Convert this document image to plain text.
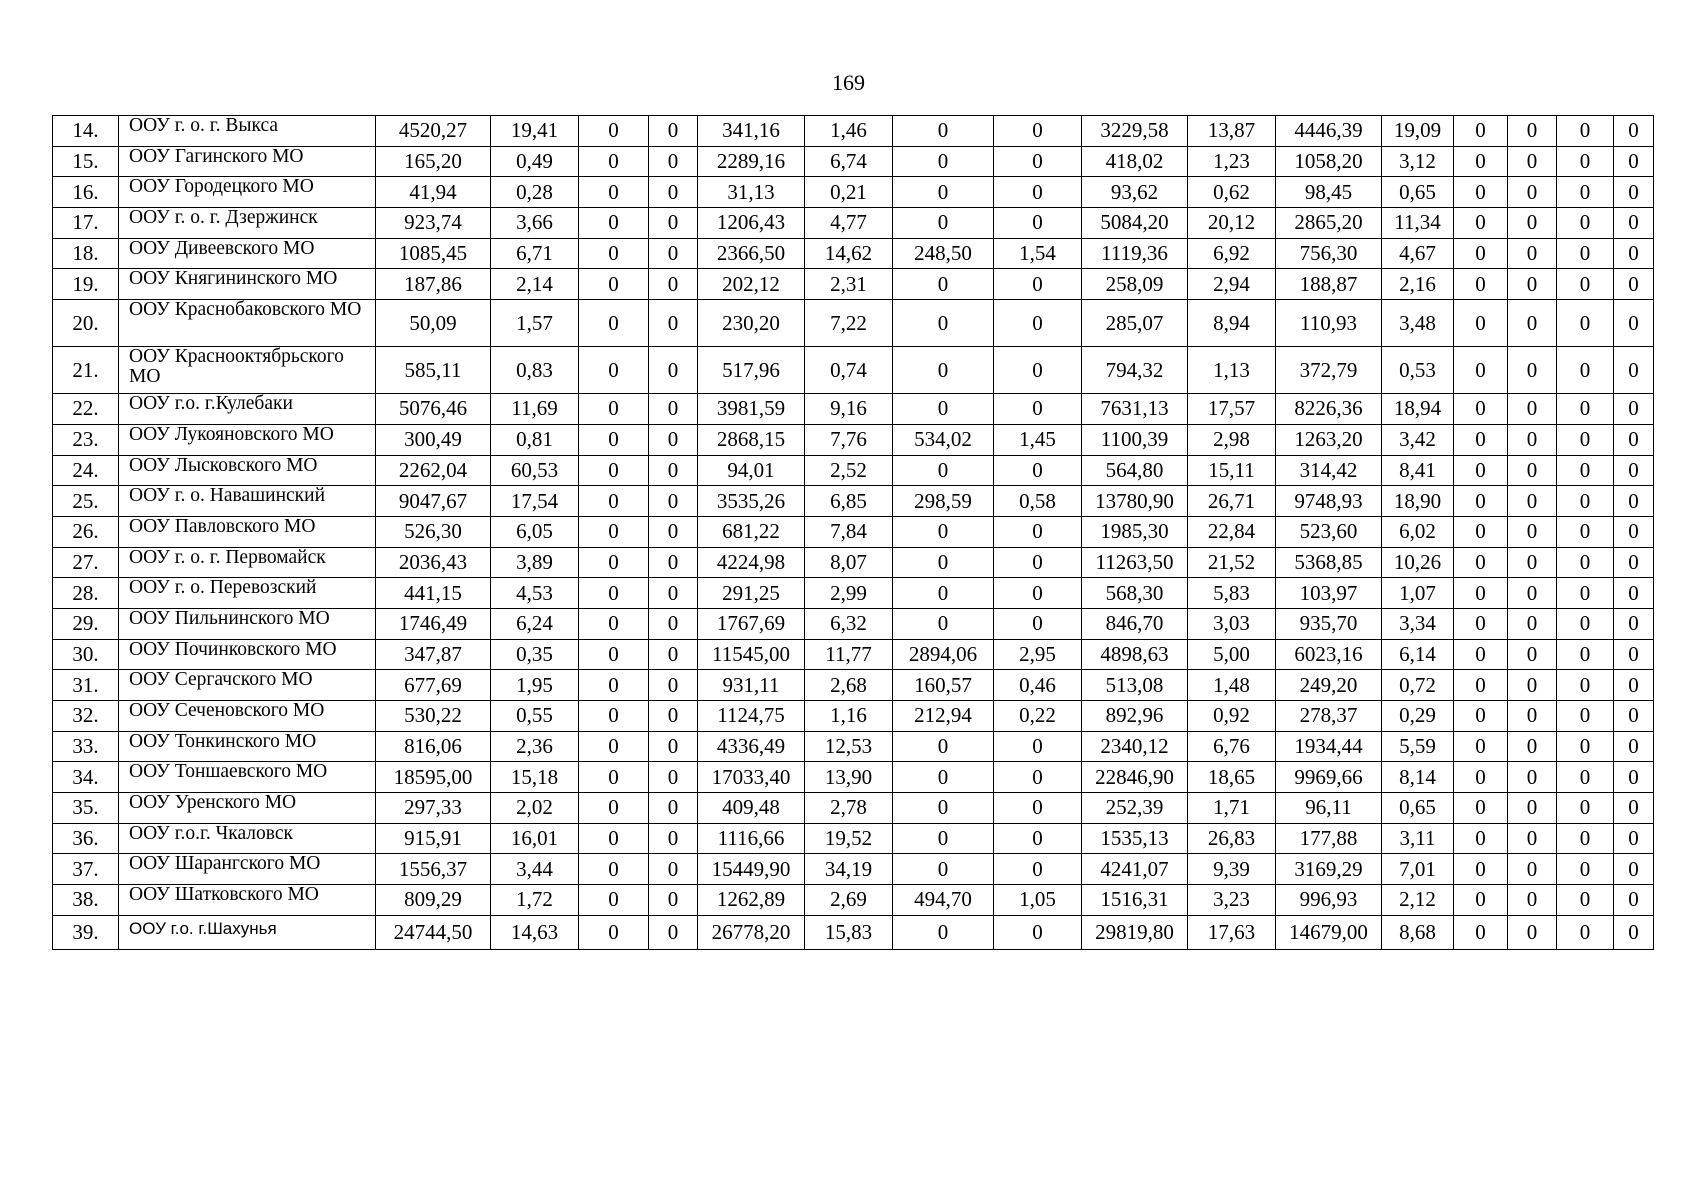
169
14.	ООУ г. о. г. Выкса	4520,27	19,41	0	0	341,16	1,46	0	0	3229,58	13,87	4446,39	19,09	0	0	0	0
15.	ООУ Гагинского МО	165,20	0,49	0	0	2289,16	6,74	0	0	418,02	1,23	1058,20	3,12	0	0	0	0
16.	ООУ Городецкого МО	41,94	0,28	0	0	31,13	0,21	0	0	93,62	0,62	98,45	0,65	0	0	0	0
17.	ООУ г. о. г. Дзержинск	923,74	3,66	0	0	1206,43	4,77	0	0	5084,20	20,12	2865,20	11,34	0	0	0	0
18.	ООУ Дивеевского МО	1085,45	6,71	0	0	2366,50	14,62	248,50	1,54	1119,36	6,92	756,30	4,67	0	0	0	0
19.	ООУ Княгининского МО	187,86	2,14	0	0	202,12	2,31	0	0	258,09	2,94	188,87	2,16	0	0	0	0
20.	ООУ Краснобаковского МО	50,09	1,57	0	0	230,20	7,22	0	0	285,07	8,94	110,93	3,48	0	0	0	0
21.	ООУ Краснооктябрьского МО	585,11	0,83	0	0	517,96	0,74	0	0	794,32	1,13	372,79	0,53	0	0	0	0
22.	ООУ г.о. г.Кулебаки	5076,46	11,69	0	0	3981,59	9,16	0	0	7631,13	17,57	8226,36	18,94	0	0	0	0
23.	ООУ Лукояновского МО	300,49	0,81	0	0	2868,15	7,76	534,02	1,45	1100,39	2,98	1263,20	3,42	0	0	0	0
24.	ООУ Лысковского МО	2262,04	60,53	0	0	94,01	2,52	0	0	564,80	15,11	314,42	8,41	0	0	0	0
25.	ООУ г. о. Навашинский	9047,67	17,54	0	0	3535,26	6,85	298,59	0,58	13780,90	26,71	9748,93	18,90	0	0	0	0
26.	ООУ Павловского МО	526,30	6,05	0	0	681,22	7,84	0	0	1985,30	22,84	523,60	6,02	0	0	0	0
27.	ООУ г. о. г. Первомайск	2036,43	3,89	0	0	4224,98	8,07	0	0	11263,50	21,52	5368,85	10,26	0	0	0	0
28.	ООУ г. о. Перевозский	441,15	4,53	0	0	291,25	2,99	0	0	568,30	5,83	103,97	1,07	0	0	0	0
29.	ООУ Пильнинского МО	1746,49	6,24	0	0	1767,69	6,32	0	0	846,70	3,03	935,70	3,34	0	0	0	0
30.	ООУ Починковского МО	347,87	0,35	0	0	11545,00	11,77	2894,06	2,95	4898,63	5,00	6023,16	6,14	0	0	0	0
31.	ООУ Сергачского МО	677,69	1,95	0	0	931,11	2,68	160,57	0,46	513,08	1,48	249,20	0,72	0	0	0	0
32.	ООУ Сеченовского МО	530,22	0,55	0	0	1124,75	1,16	212,94	0,22	892,96	0,92	278,37	0,29	0	0	0	0
33.	ООУ Тонкинского МО	816,06	2,36	0	0	4336,49	12,53	0	0	2340,12	6,76	1934,44	5,59	0	0	0	0
34.	ООУ Тоншаевского МО	18595,00	15,18	0	0	17033,40	13,90	0	0	22846,90	18,65	9969,66	8,14	0	0	0	0
35.	ООУ Уренского МО	297,33	2,02	0	0	409,48	2,78	0	0	252,39	1,71	96,11	0,65	0	0	0	0
36.	ООУ г.о.г. Чкаловск	915,91	16,01	0	0	1116,66	19,52	0	0	1535,13	26,83	177,88	3,11	0	0	0	0
37.	ООУ Шарангского МО	1556,37	3,44	0	0	15449,90	34,19	0	0	4241,07	9,39	3169,29	7,01	0	0	0	0
38.	ООУ Шатковского МО	809,29	1,72	0	0	1262,89	2,69	494,70	1,05	1516,31	3,23	996,93	2,12	0	0	0	0
39.	ООУ г.о. г.Шахунья	24744,50	14,63	0	0	26778,20	15,83	0	0	29819,80	17,63	14679,00	8,68	0	0	0	0
